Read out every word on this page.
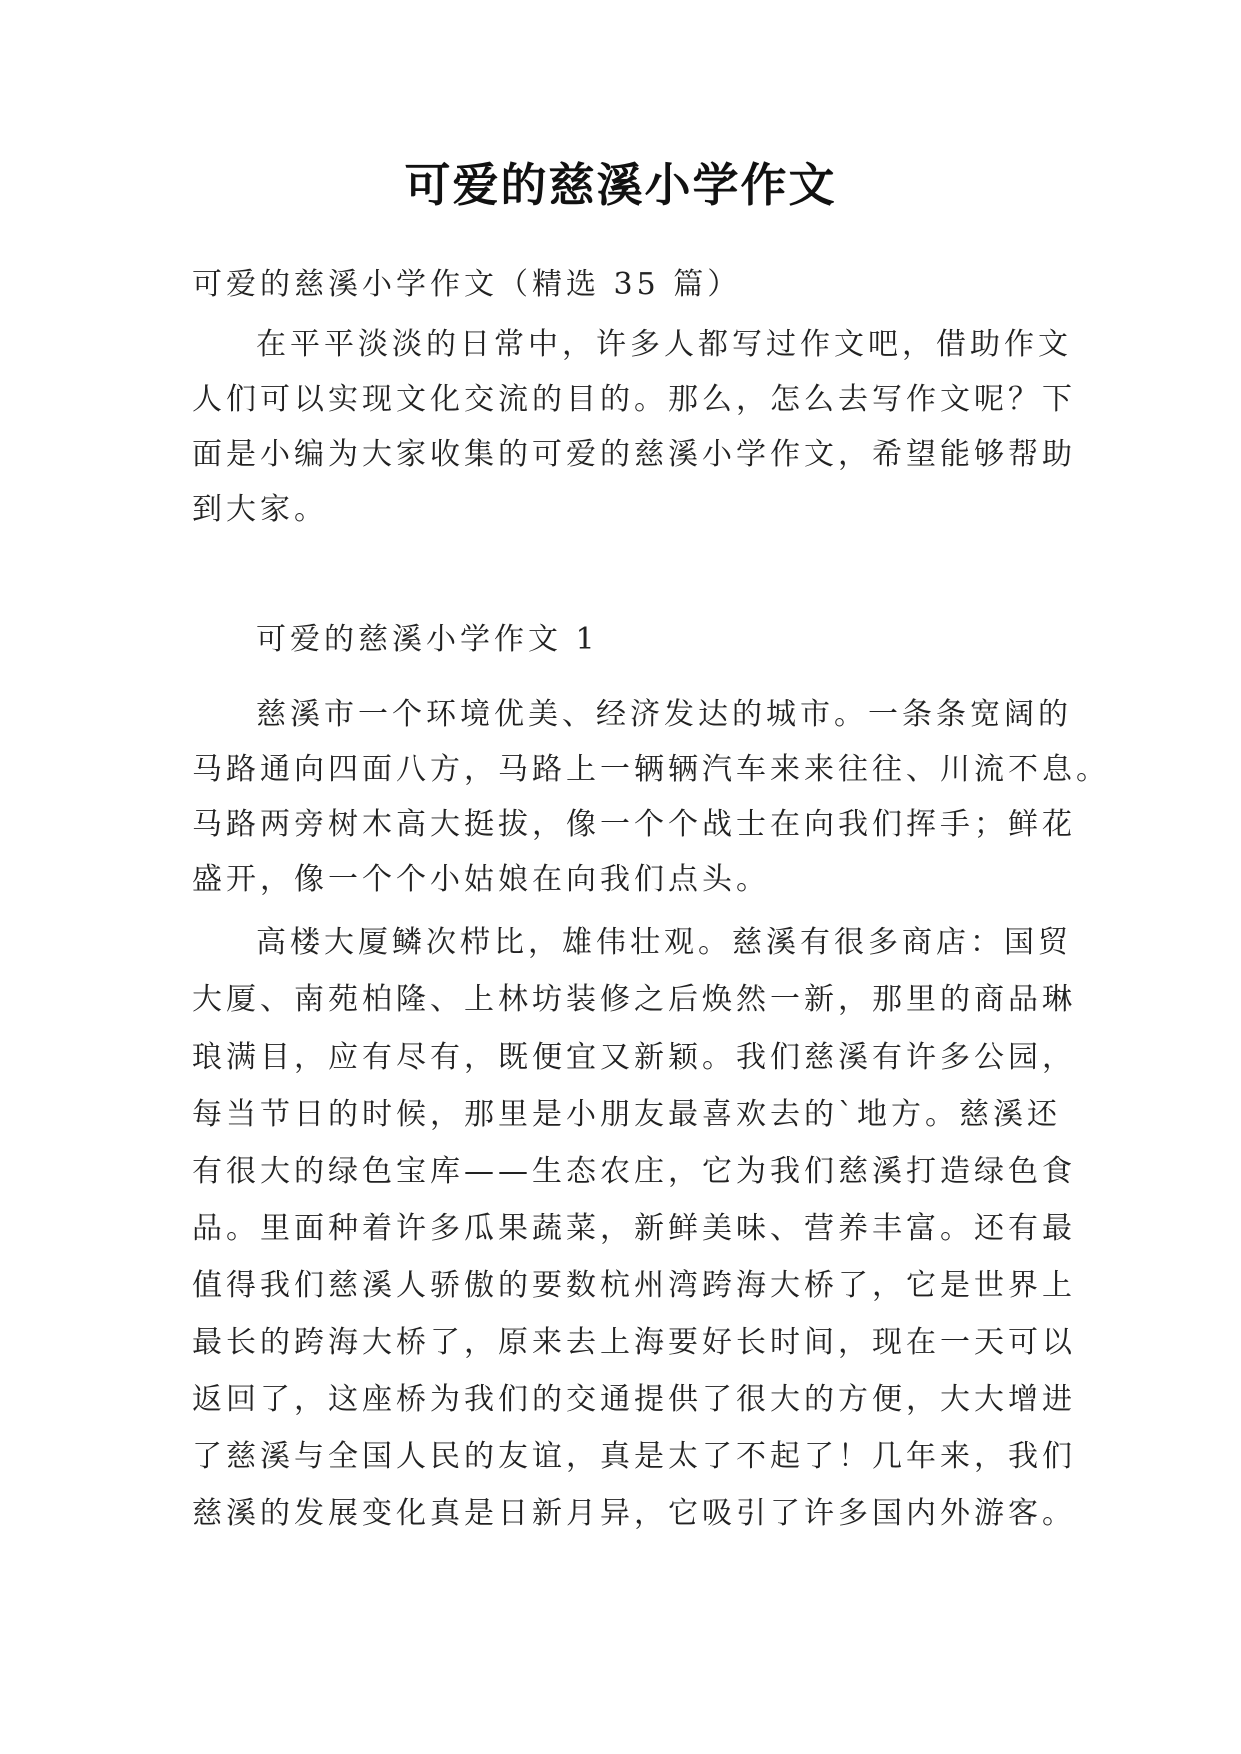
可爱的慈溪小学作文
可爱的慈溪小学作文（精选 35 篇）
在平平淡淡的日常中，许多人都写过作文吧，借助作文
人们可以实现文化交流的目的。那么，怎么去写作文呢？下
面是小编为大家收集的可爱的慈溪小学作文，希望能够帮助
到大家。
可爱的慈溪小学作文 1
慈溪市一个环境优美、经济发达的城市。一条条宽阔的
马路通向四面八方，马路上一辆辆汽车来来往往、川流不息。
马路两旁树木高大挺拔，像一个个战士在向我们挥手；鲜花
盛开，像一个个小姑娘在向我们点头。
高楼大厦鳞次栉比，雄伟壮观。慈溪有很多商店：国贸
大厦、南苑柏隆、上林坊装修之后焕然一新，那里的商品琳
琅满目，应有尽有，既便宜又新颖。我们慈溪有许多公园，
每当节日的时候，那里是小朋友最喜欢去的`地方。慈溪还
有很大的绿色宝库——生态农庄，它为我们慈溪打造绿色食
品。里面种着许多瓜果蔬菜，新鲜美味、营养丰富。还有最
值得我们慈溪人骄傲的要数杭州湾跨海大桥了，它是世界上
最长的跨海大桥了，原来去上海要好长时间，现在一天可以
返回了，这座桥为我们的交通提供了很大的方便，大大增进
了慈溪与全国人民的友谊，真是太了不起了！几年来，我们
慈溪的发展变化真是日新月异，它吸引了许多国内外游客。
